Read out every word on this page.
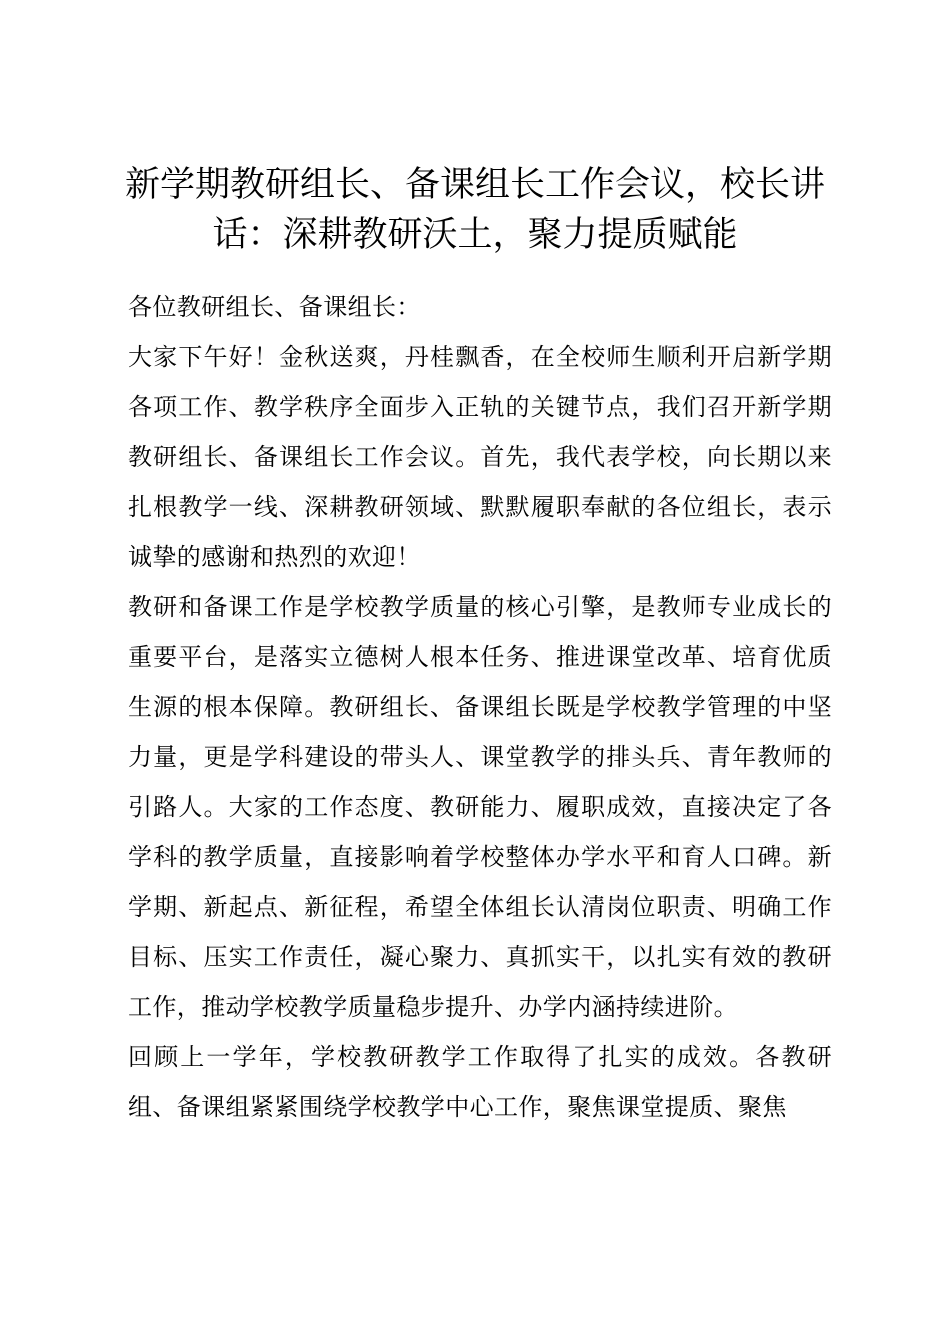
新学期教研组长、备课组长工作会议，校长讲话：深耕教研沃土，聚力提质赋能

各位教研组长、备课组长：

大家下午好！金秋送爽，丹桂飘香，在全校师生顺利开启新学期各项工作、教学秩序全面步入正轨的关键节点，我们召开新学期教研组长、备课组长工作会议。首先，我代表学校，向长期以来扎根教学一线、深耕教研领域、默默履职奉献的各位组长，表示诚挚的感谢和热烈的欢迎！

教研和备课工作是学校教学质量的核心引擎，是教师专业成长的重要平台，是落实立德树人根本任务、推进课堂改革、培育优质生源的根本保障。教研组长、备课组长既是学校教学管理的中坚力量，更是学科建设的带头人、课堂教学的排头兵、青年教师的引路人。大家的工作态度、教研能力、履职成效，直接决定了各学科的教学质量，直接影响着学校整体办学水平和育人口碑。新学期、新起点、新征程，希望全体组长认清岗位职责、明确工作目标、压实工作责任，凝心聚力、真抓实干，以扎实有效的教研工作，推动学校教学质量稳步提升、办学内涵持续进阶。

回顾上一学年，学校教研教学工作取得了扎实的成效。各教研组、备课组紧紧围绕学校教学中心工作，聚焦课堂提质、聚焦
